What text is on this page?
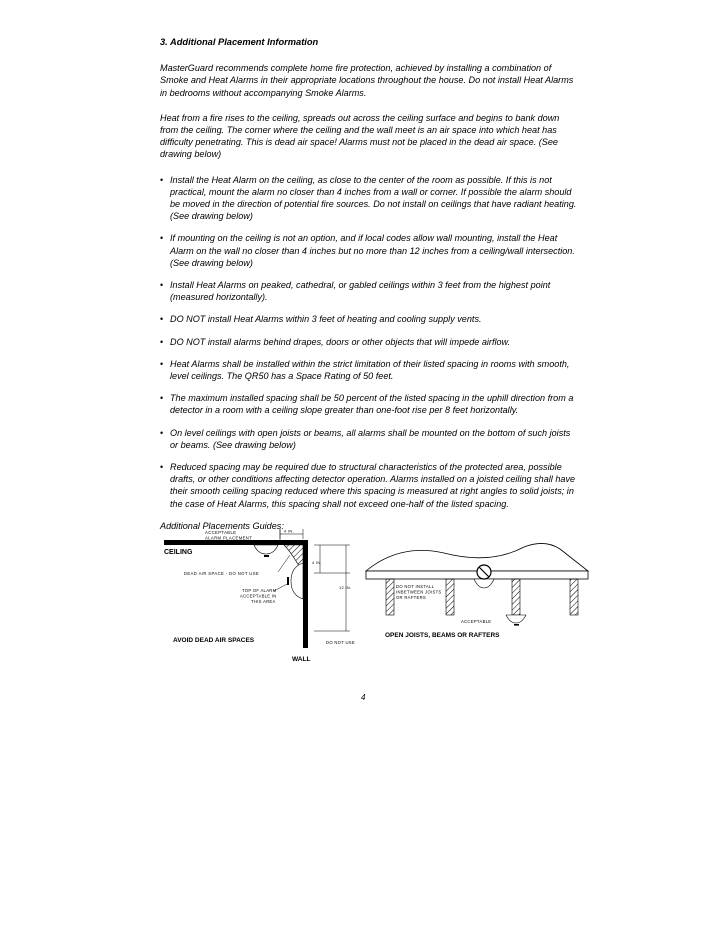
3. Additional Placement Information

MasterGuard recommends complete home fire protection, achieved by installing a combination of Smoke and Heat Alarms in their appropriate locations throughout the house. Do not install Heat Alarms in bedrooms without accompanying Smoke Alarms.

Heat from a fire rises to the ceiling, spreads out across the ceiling surface and begins to bank down from the ceiling. The corner where the ceiling and the wall meet is an air space into which heat has difficulty penetrating. This is dead air space! Alarms must not be placed in the dead air space. (See drawing below)

• Install the Heat Alarm on the ceiling, as close to the center of the room as possible. If this is not practical, mount the alarm no closer than 4 inches from a wall or corner. If possible the alarm should be moved in the direction of potential fire sources. Do not install on ceilings that have radiant heating. (See drawing below)
• If mounting on the ceiling is not an option, and if local codes allow wall mounting, install the Heat Alarm on the wall no closer than 4 inches but no more than 12 inches from a ceiling/wall intersection. (See drawing below)
• Install Heat Alarms on peaked, cathedral, or gabled ceilings within 3 feet from the highest point (measured horizontally).
• DO NOT install Heat Alarms within 3 feet of heating and cooling supply vents.
• DO NOT install alarms behind drapes, doors or other objects that will impede airflow.
• Heat Alarms shall be installed within the strict limitation of their listed spacing in rooms with smooth, level ceilings. The QR50 has a Space Rating of 50 feet.
• The maximum installed spacing shall be 50 percent of the listed spacing in the uphill direction from a detector in a room with a ceiling slope greater than one-foot rise per 8 feet horizontally.
• On level ceilings with open joists or beams, all alarms shall be mounted on the bottom of such joists or beams. (See drawing below)
• Reduced spacing may be required due to structural characteristics of the protected area, possible drafts, or other conditions affecting detector operation. Alarms installed on a joisted ceiling shall have their smooth ceiling spacing reduced where this spacing is measured at right angles to solid joists; in the case of Heat Alarms, this spacing shall not exceed one-half of the listed spacing.
Additional Placements Guides:
ACCEPTABLE
ALARM PLACEMENT
4 IN.
CEILING
4 IN.
DEAD AIR SPACE - DO NOT USE
TOP OF ALARM
ACCEPTABLE IN
THIS AREA
12 IN.
DO NOT USE
AVOID DEAD AIR SPACES
WALL
DO NOT INSTALL
INBETWEEN JOISTS
OR RAFTERS
ACCEPTABLE
OPEN JOISTS, BEAMS OR RAFTERS
4
